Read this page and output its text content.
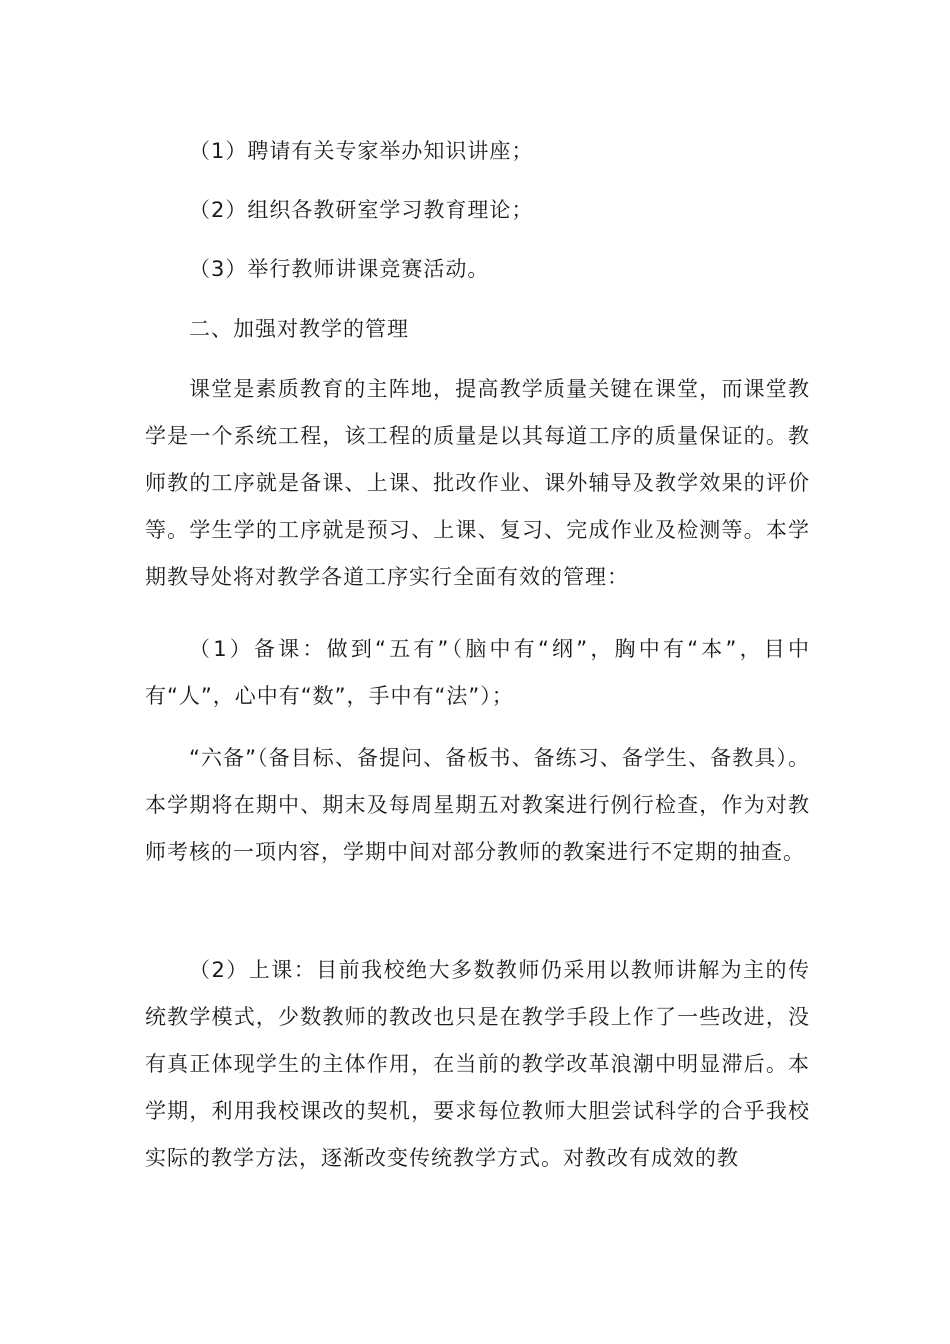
（1）聘请有关专家举办知识讲座；

（2）组织各教研室学习教育理论；

（3）举行教师讲课竞赛活动。

二、加强对教学的管理

课堂是素质教育的主阵地，提高教学质量关键在课堂，而课堂教学是一个系统工程，该工程的质量是以其每道工序的质量保证的。教师教的工序就是备课、上课、批改作业、课外辅导及教学效果的评价等。学生学的工序就是预习、上课、复习、完成作业及检测等。本学期教导处将对教学各道工序实行全面有效的管理：

（1）备课：做到“五有”（脑中有“纲”，胸中有“本”，目中有“人”，心中有“数”，手中有“法”）；

“六备”（备目标、备提问、备板书、备练习、备学生、备教具）。本学期将在期中、期末及每周星期五对教案进行例行检查，作为对教师考核的一项内容，学期中间对部分教师的教案进行不定期的抽查。

（2）上课：目前我校绝大多数教师仍采用以教师讲解为主的传统教学模式，少数教师的教改也只是在教学手段上作了一些改进，没有真正体现学生的主体作用，在当前的教学改革浪潮中明显滞后。本学期，利用我校课改的契机，要求每位教师大胆尝试科学的合乎我校实际的教学方法，逐渐改变传统教学方式。对教改有成效的教
